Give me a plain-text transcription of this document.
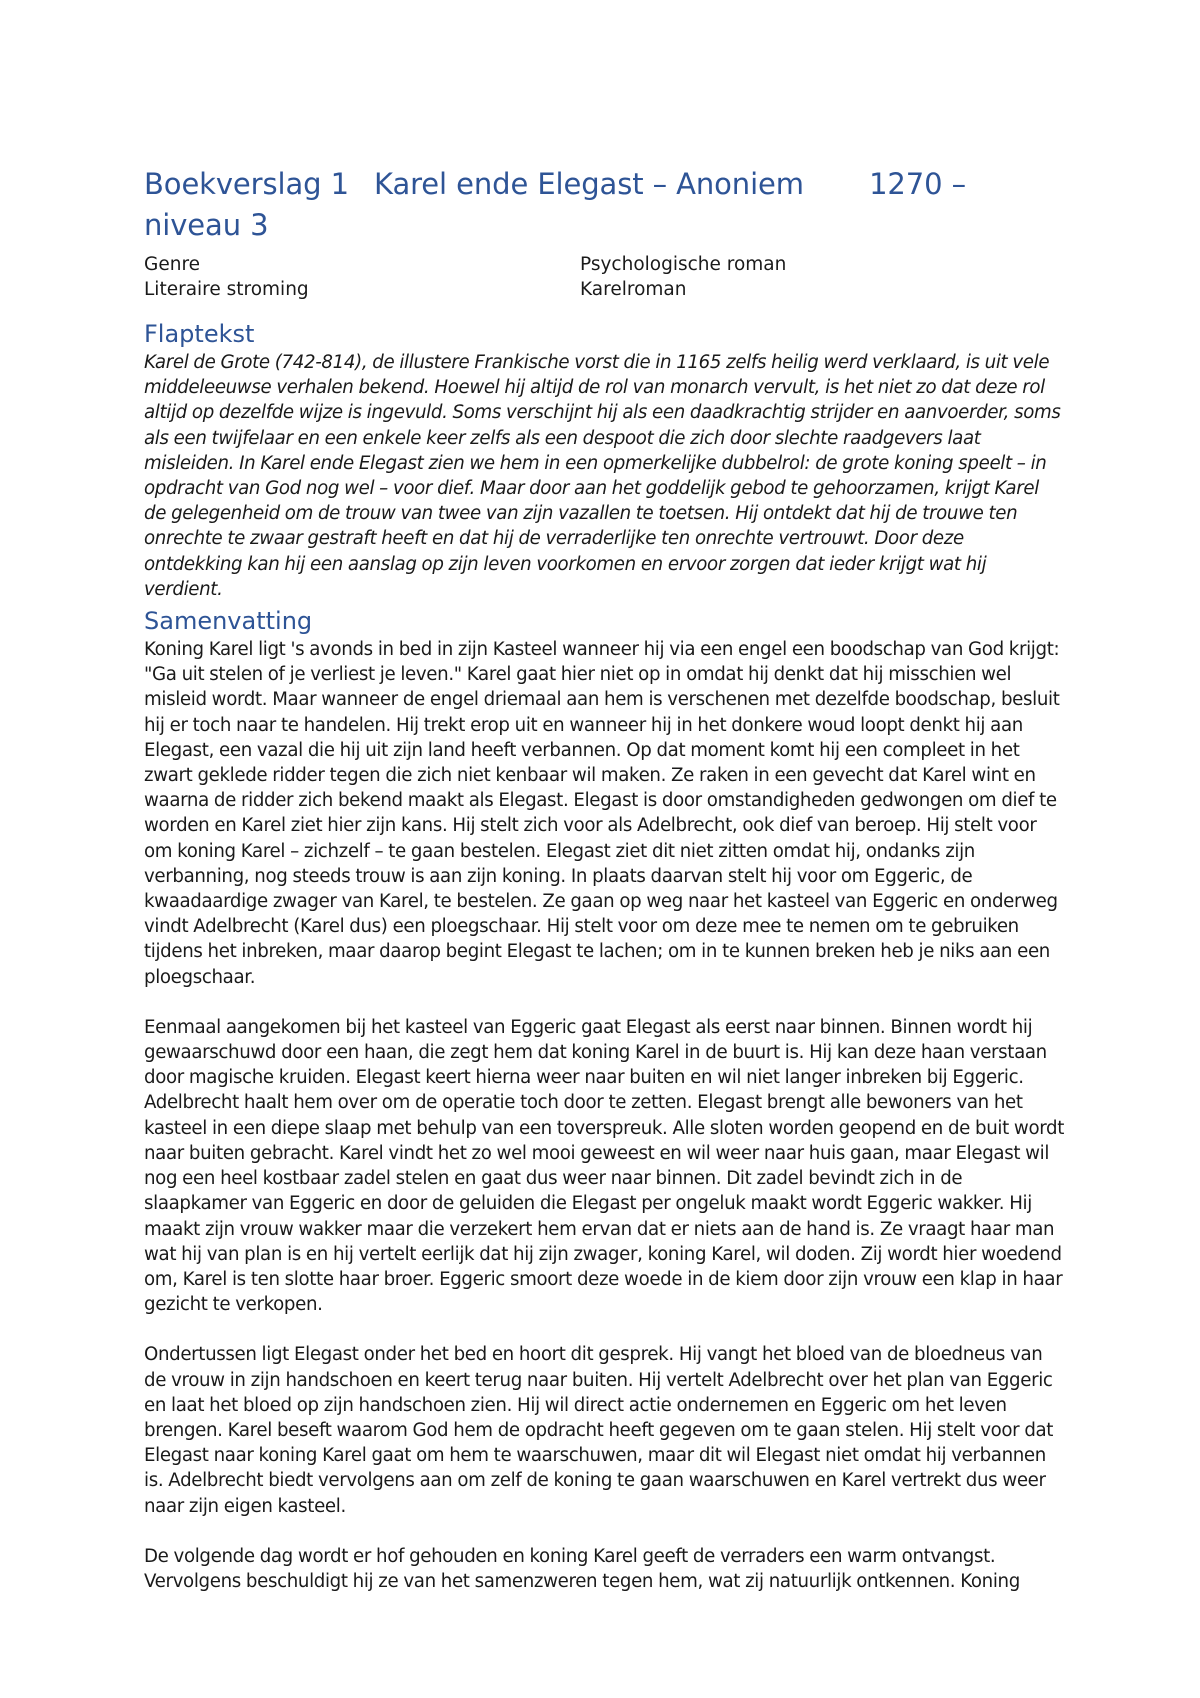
Boekverslag 1 Karel ende Elegast – Anoniem 1270 –
niveau 3
Genre	Psychologische roman
Literaire stroming	Karelroman
Flaptekst

Karel de Grote (742-814), de illustere Frankische vorst die in 1165 zelfs heilig werd verklaard, is uit vele middeleeuwse verhalen bekend. Hoewel hij altijd de rol van monarch vervult, is het niet zo dat deze rol altijd op dezelfde wijze is ingevuld. Soms verschijnt hij als een daadkrachtig strijder en aanvoerder, soms als een twijfelaar en een enkele keer zelfs als een despoot die zich door slechte raadgevers laat misleiden. In Karel ende Elegast zien we hem in een opmerkelijke dubbelrol: de grote koning speelt – in opdracht van God nog wel – voor dief. Maar door aan het goddelijk gebod te gehoorzamen, krijgt Karel de gelegenheid om de trouw van twee van zijn vazallen te toetsen. Hij ontdekt dat hij de trouwe ten onrechte te zwaar gestraft heeft en dat hij de verraderlijke ten onrechte vertrouwt. Door deze ontdekking kan hij een aanslag op zijn leven voorkomen en ervoor zorgen dat ieder krijgt wat hij verdient.

Samenvatting

Koning Karel ligt 's avonds in bed in zijn Kasteel wanneer hij via een engel een boodschap van God krijgt: "Ga uit stelen of je verliest je leven." Karel gaat hier niet op in omdat hij denkt dat hij misschien wel misleid wordt. Maar wanneer de engel driemaal aan hem is verschenen met dezelfde boodschap, besluit hij er toch naar te handelen. Hij trekt erop uit en wanneer hij in het donkere woud loopt denkt hij aan Elegast, een vazal die hij uit zijn land heeft verbannen. Op dat moment komt hij een compleet in het zwart geklede ridder tegen die zich niet kenbaar wil maken. Ze raken in een gevecht dat Karel wint en waarna de ridder zich bekend maakt als Elegast. Elegast is door omstandigheden gedwongen om dief te worden en Karel ziet hier zijn kans. Hij stelt zich voor als Adelbrecht, ook dief van beroep. Hij stelt voor om koning Karel – zichzelf – te gaan bestelen. Elegast ziet dit niet zitten omdat hij, ondanks zijn verbanning, nog steeds trouw is aan zijn koning. In plaats daarvan stelt hij voor om Eggeric, de kwaadaardige zwager van Karel, te bestelen. Ze gaan op weg naar het kasteel van Eggeric en onderweg vindt Adelbrecht (Karel dus) een ploegschaar. Hij stelt voor om deze mee te nemen om te gebruiken tijdens het inbreken, maar daarop begint Elegast te lachen; om in te kunnen breken heb je niks aan een ploegschaar.

Eenmaal aangekomen bij het kasteel van Eggeric gaat Elegast als eerst naar binnen. Binnen wordt hij gewaarschuwd door een haan, die zegt hem dat koning Karel in de buurt is. Hij kan deze haan verstaan door magische kruiden. Elegast keert hierna weer naar buiten en wil niet langer inbreken bij Eggeric. Adelbrecht haalt hem over om de operatie toch door te zetten. Elegast brengt alle bewoners van het kasteel in een diepe slaap met behulp van een toverspreuk. Alle sloten worden geopend en de buit wordt naar buiten gebracht. Karel vindt het zo wel mooi geweest en wil weer naar huis gaan, maar Elegast wil nog een heel kostbaar zadel stelen en gaat dus weer naar binnen. Dit zadel bevindt zich in de slaapkamer van Eggeric en door de geluiden die Elegast per ongeluk maakt wordt Eggeric wakker. Hij maakt zijn vrouw wakker maar die verzekert hem ervan dat er niets aan de hand is. Ze vraagt haar man wat hij van plan is en hij vertelt eerlijk dat hij zijn zwager, koning Karel, wil doden. Zij wordt hier woedend om, Karel is ten slotte haar broer. Eggeric smoort deze woede in de kiem door zijn vrouw een klap in haar gezicht te verkopen.

Ondertussen ligt Elegast onder het bed en hoort dit gesprek. Hij vangt het bloed van de bloedneus van de vrouw in zijn handschoen en keert terug naar buiten. Hij vertelt Adelbrecht over het plan van Eggeric en laat het bloed op zijn handschoen zien. Hij wil direct actie ondernemen en Eggeric om het leven brengen. Karel beseft waarom God hem de opdracht heeft gegeven om te gaan stelen. Hij stelt voor dat Elegast naar koning Karel gaat om hem te waarschuwen, maar dit wil Elegast niet omdat hij verbannen is. Adelbrecht biedt vervolgens aan om zelf de koning te gaan waarschuwen en Karel vertrekt dus weer naar zijn eigen kasteel.

De volgende dag wordt er hof gehouden en koning Karel geeft de verraders een warm ontvangst. Vervolgens beschuldigt hij ze van het samenzweren tegen hem, wat zij natuurlijk ontkennen. Koning
